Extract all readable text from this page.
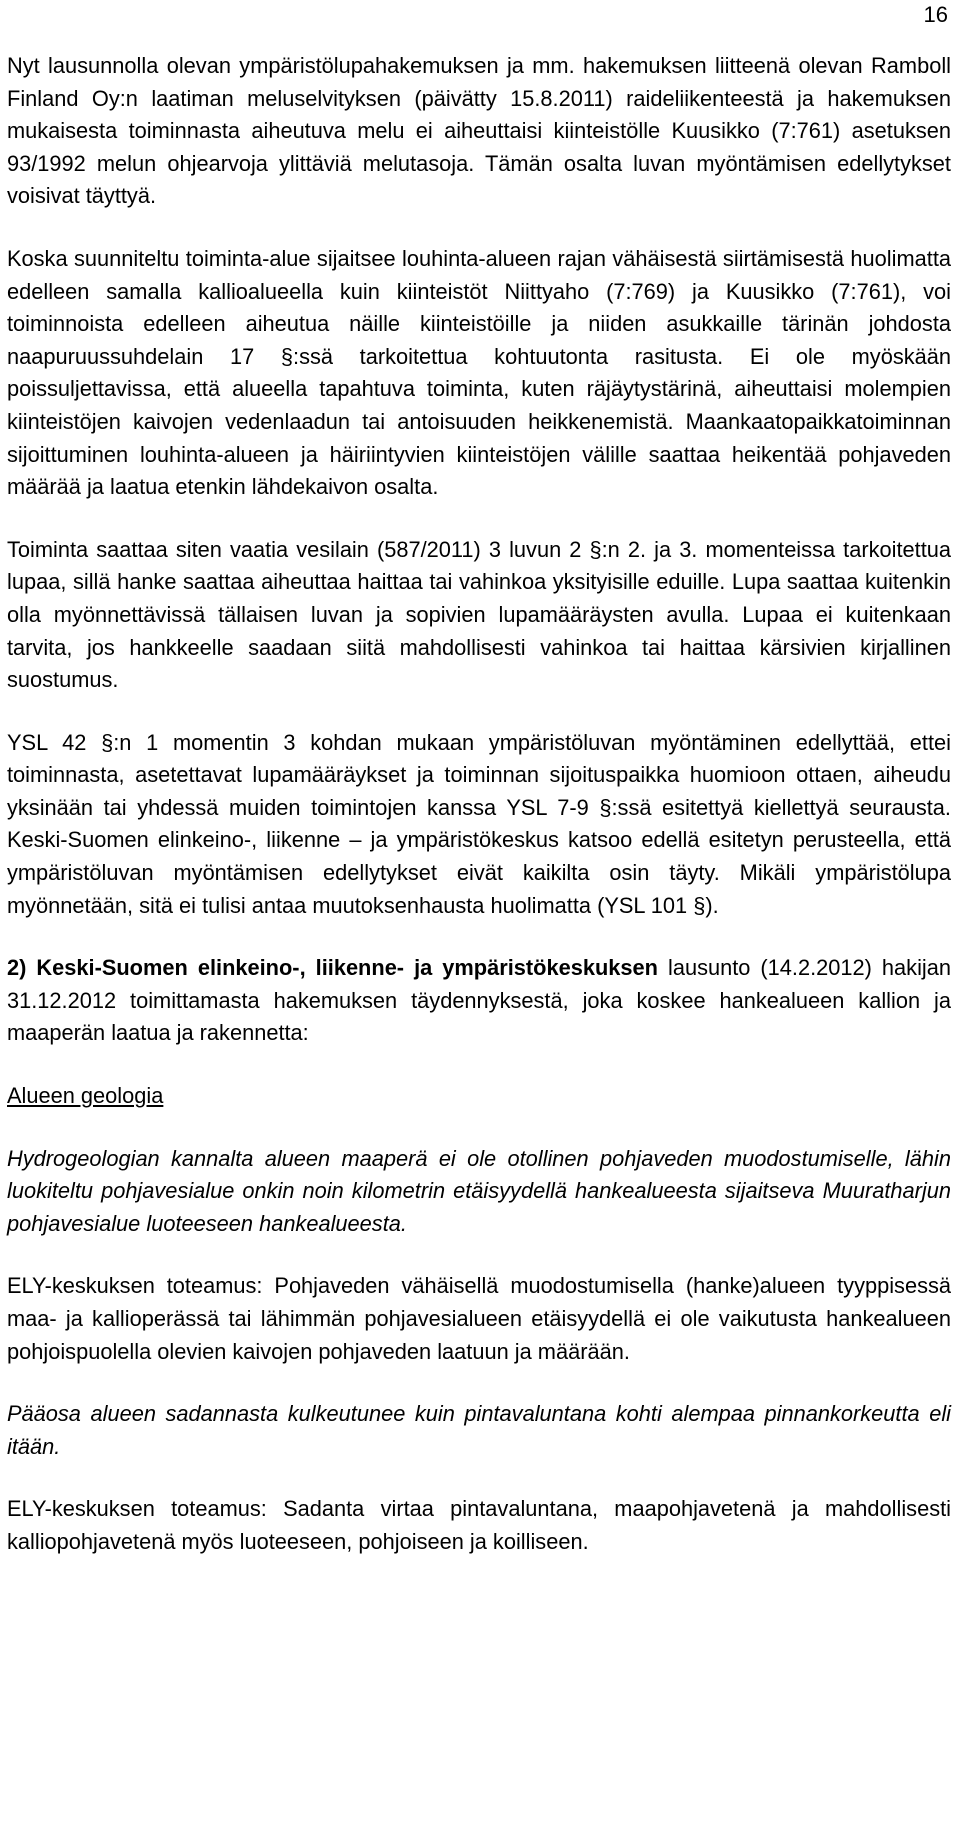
16

Nyt lausunnolla olevan ympäristölupahakemuksen ja mm. hakemuksen liitteenä olevan Ramboll Finland Oy:n laatiman meluselvityksen (päivätty 15.8.2011) raideliikenteestä ja hakemuksen mukaisesta toiminnasta aiheutuva melu ei aiheuttaisi kiinteistölle Kuusikko (7:761) asetuksen 93/1992 melun ohjearvoja ylittäviä melutasoja. Tämän osalta luvan myöntämisen edellytykset voisivat täyttyä.

Koska suunniteltu toiminta-alue sijaitsee louhinta-alueen rajan vähäisestä siirtämisestä huolimatta edelleen samalla kallioalueella kuin kiinteistöt Niittyaho (7:769) ja Kuusikko (7:761), voi toiminnoista edelleen aiheutua näille kiinteistöille ja niiden asukkaille tärinän johdosta naapuruussuhdelain 17 §:ssä tarkoitettua kohtuutonta rasitusta. Ei ole myöskään poissuljettavissa, että alueella tapahtuva toiminta, kuten räjäytystärinä, aiheuttaisi molempien kiinteistöjen kaivojen vedenlaadun tai antoisuuden heikkenemistä. Maankaatopaikkatoiminnan sijoittuminen louhinta-alueen ja häiriintyvien kiinteistöjen välille saattaa heikentää pohjaveden määrää ja laatua etenkin lähdekaivon osalta.

Toiminta saattaa siten vaatia vesilain (587/2011) 3 luvun 2 §:n 2. ja 3. momenteissa tarkoitettua lupaa, sillä hanke saattaa aiheuttaa haittaa tai vahinkoa yksityisille eduille. Lupa saattaa kuitenkin olla myönnettävissä tällaisen luvan ja sopivien lupamääräysten avulla. Lupaa ei kuitenkaan tarvita, jos hankkeelle saadaan siitä mahdollisesti vahinkoa tai haittaa kärsivien kirjallinen suostumus.

YSL 42 §:n 1 momentin 3 kohdan mukaan ympäristöluvan myöntäminen edellyttää, ettei toiminnasta, asetettavat lupamääräykset ja toiminnan sijoituspaikka huomioon ottaen, aiheudu yksinään tai yhdessä muiden toimintojen kanssa YSL 7-9 §:ssä esitettyä kiellettyä seurausta. Keski-Suomen elinkeino-, liikenne – ja ympäristökeskus katsoo edellä esitetyn perusteella, että ympäristöluvan myöntämisen edellytykset eivät kaikilta osin täyty. Mikäli ympäristölupa myönnetään, sitä ei tulisi antaa muutoksenhausta huolimatta (YSL 101 §).

2) Keski-Suomen elinkeino-, liikenne- ja ympäristökeskuksen lausunto (14.2.2012) hakijan 31.12.2012 toimittamasta hakemuksen täydennyksestä, joka koskee hankealueen kallion ja maaperän laatua ja rakennetta:

Alueen geologia

Hydrogeologian kannalta alueen maaperä ei ole otollinen pohjaveden muodostumiselle, lähin luokiteltu pohjavesialue onkin noin kilometrin etäisyydellä hankealueesta sijaitseva Muuratharjun pohjavesialue luoteeseen hankealueesta.

ELY-keskuksen toteamus: Pohjaveden vähäisellä muodostumisella (hanke)alueen tyyppisessä maa- ja kallioperässä tai lähimmän pohjavesialueen etäisyydellä ei ole vaikutusta hankealueen pohjoispuolella olevien kaivojen pohjaveden laatuun ja määrään.

Pääosa alueen sadannasta kulkeutunee kuin pintavaluntana kohti alempaa pinnankorkeutta eli itään.

ELY-keskuksen toteamus: Sadanta virtaa pintavaluntana, maapohjavetenä ja mahdollisesti kalliopohjavetenä myös luoteeseen, pohjoiseen ja koilliseen.
